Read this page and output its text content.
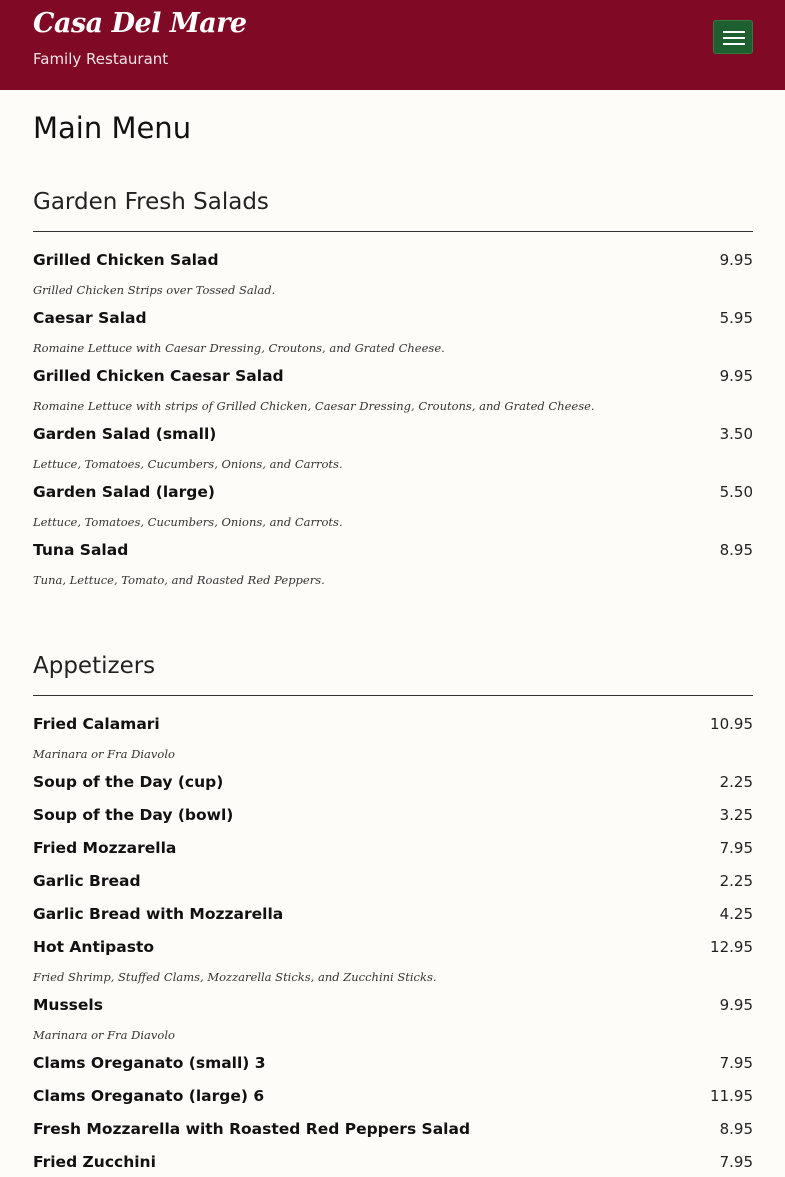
Casa Del Mare
Family Restaurant
Main Menu
Garden Fresh Salads
Grilled Chicken Salad	9.95
Grilled Chicken Strips over Tossed Salad.
Caesar Salad	5.95
Romaine Lettuce with Caesar Dressing, Croutons, and Grated Cheese.
Grilled Chicken Caesar Salad	9.95
Romaine Lettuce with strips of Grilled Chicken, Caesar Dressing, Croutons, and Grated Cheese.
Garden Salad (small)	3.50
Lettuce, Tomatoes, Cucumbers, Onions, and Carrots.
Garden Salad (large)	5.50
Lettuce, Tomatoes, Cucumbers, Onions, and Carrots.
Tuna Salad	8.95
Tuna, Lettuce, Tomato, and Roasted Red Peppers.
Appetizers
Fried Calamari	10.95
Marinara or Fra Diavolo
Soup of the Day (cup)	2.25
Soup of the Day (bowl)	3.25
Fried Mozzarella	7.95
Garlic Bread	2.25
Garlic Bread with Mozzarella	4.25
Hot Antipasto	12.95
Fried Shrimp, Stuffed Clams, Mozzarella Sticks, and Zucchini Sticks.
Mussels	9.95
Marinara or Fra Diavolo
Clams Oreganato (small) 3	7.95
Clams Oreganato (large) 6	11.95
Fresh Mozzarella with Roasted Red Peppers Salad	8.95
Fried Zucchini	7.95
